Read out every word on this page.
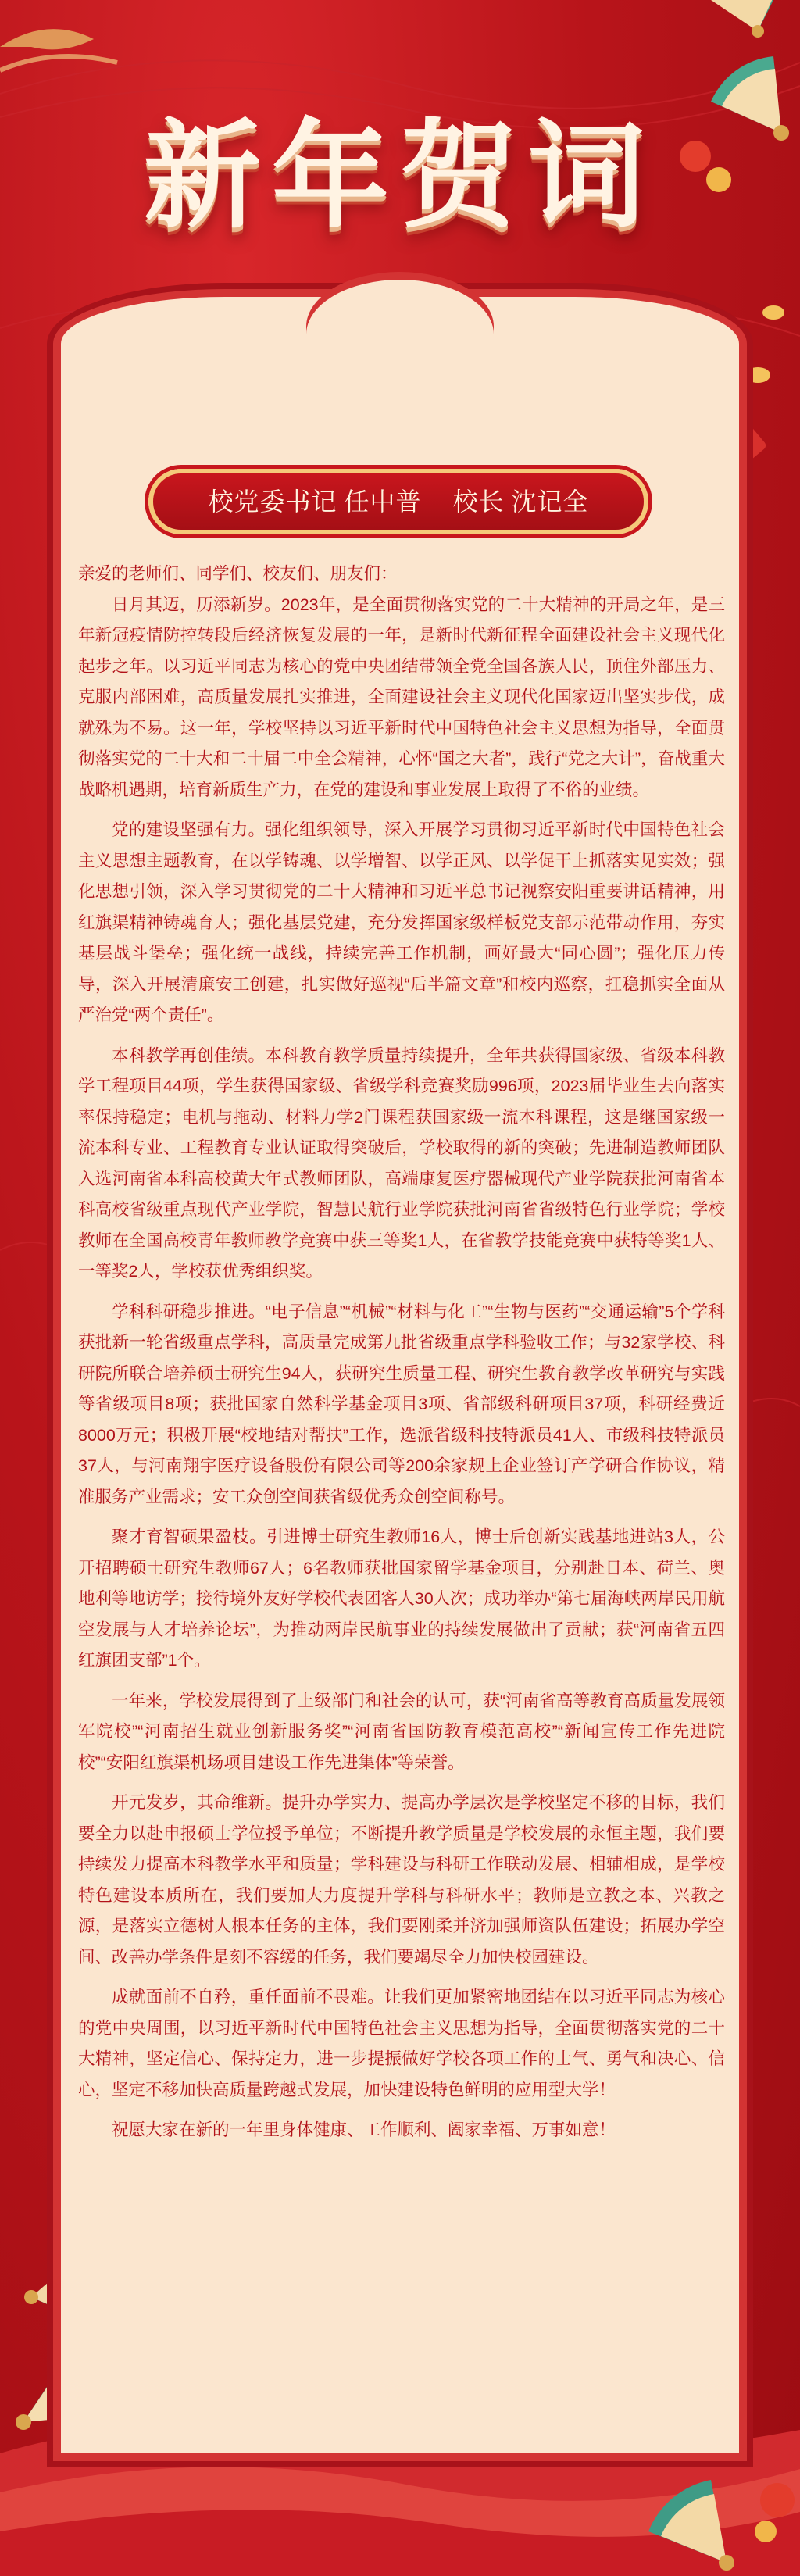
新年贺词
校党委书记 任中普 校长 沈记全

亲爱的老师们、同学们、校友们、朋友们：

日月其迈，历添新岁。2023年，是全面贯彻落实党的二十大精神的开局之年，是三年新冠疫情防控转段后经济恢复发展的一年，是新时代新征程全面建设社会主义现代化起步之年。以习近平同志为核心的党中央团结带领全党全国各族人民，顶住外部压力、克服内部困难，高质量发展扎实推进，全面建设社会主义现代化国家迈出坚实步伐，成就殊为不易。这一年，学校坚持以习近平新时代中国特色社会主义思想为指导，全面贯彻落实党的二十大和二十届二中全会精神，心怀“国之大者”，践行“党之大计”，奋战重大战略机遇期，培育新质生产力，在党的建设和事业发展上取得了不俗的业绩。

党的建设坚强有力。强化组织领导，深入开展学习贯彻习近平新时代中国特色社会主义思想主题教育，在以学铸魂、以学增智、以学正风、以学促干上抓落实见实效；强化思想引领，深入学习贯彻党的二十大精神和习近平总书记视察安阳重要讲话精神，用红旗渠精神铸魂育人；强化基层党建，充分发挥国家级样板党支部示范带动作用，夯实基层战斗堡垒；强化统一战线，持续完善工作机制，画好最大“同心圆”；强化压力传导，深入开展清廉安工创建，扎实做好巡视“后半篇文章”和校内巡察，扛稳抓实全面从严治党“两个责任”。

本科教学再创佳绩。本科教育教学质量持续提升，全年共获得国家级、省级本科教学工程项目44项，学生获得国家级、省级学科竞赛奖励996项，2023届毕业生去向落实率保持稳定；电机与拖动、材料力学2门课程获国家级一流本科课程，这是继国家级一流本科专业、工程教育专业认证取得突破后，学校取得的新的突破；先进制造教师团队入选河南省本科高校黄大年式教师团队，高端康复医疗器械现代产业学院获批河南省本科高校省级重点现代产业学院，智慧民航行业学院获批河南省省级特色行业学院；学校教师在全国高校青年教师教学竞赛中获三等奖1人，在省教学技能竞赛中获特等奖1人、一等奖2人，学校获优秀组织奖。

学科科研稳步推进。“电子信息”“机械”“材料与化工”“生物与医药”“交通运输”5个学科获批新一轮省级重点学科，高质量完成第九批省级重点学科验收工作；与32家学校、科研院所联合培养硕士研究生94人，获研究生质量工程、研究生教育教学改革研究与实践等省级项目8项；获批国家自然科学基金项目3项、省部级科研项目37项，科研经费近8000万元；积极开展“校地结对帮扶”工作，选派省级科技特派员41人、市级科技特派员37人，与河南翔宇医疗设备股份有限公司等200余家规上企业签订产学研合作协议，精准服务产业需求；安工众创空间获省级优秀众创空间称号。

聚才育智硕果盈枝。引进博士研究生教师16人，博士后创新实践基地进站3人，公开招聘硕士研究生教师67人；6名教师获批国家留学基金项目，分别赴日本、荷兰、奥地利等地访学；接待境外友好学校代表团客人30人次；成功举办“第七届海峡两岸民用航空发展与人才培养论坛”，为推动两岸民航事业的持续发展做出了贡献；获“河南省五四红旗团支部”1个。

一年来，学校发展得到了上级部门和社会的认可，获“河南省高等教育高质量发展领军院校”“河南招生就业创新服务奖”“河南省国防教育模范高校”“新闻宣传工作先进院校”“安阳红旗渠机场项目建设工作先进集体”等荣誉。

开元发岁，其命维新。提升办学实力、提高办学层次是学校坚定不移的目标，我们要全力以赴申报硕士学位授予单位；不断提升教学质量是学校发展的永恒主题，我们要持续发力提高本科教学水平和质量；学科建设与科研工作联动发展、相辅相成，是学校特色建设本质所在，我们要加大力度提升学科与科研水平；教师是立教之本、兴教之源，是落实立德树人根本任务的主体，我们要刚柔并济加强师资队伍建设；拓展办学空间、改善办学条件是刻不容缓的任务，我们要竭尽全力加快校园建设。

成就面前不自矜，重任面前不畏难。让我们更加紧密地团结在以习近平同志为核心的党中央周围，以习近平新时代中国特色社会主义思想为指导，全面贯彻落实党的二十大精神，坚定信心、保持定力，进一步提振做好学校各项工作的士气、勇气和决心、信心，坚定不移加快高质量跨越式发展，加快建设特色鲜明的应用型大学！

祝愿大家在新的一年里身体健康、工作顺利、阖家幸福、万事如意！
